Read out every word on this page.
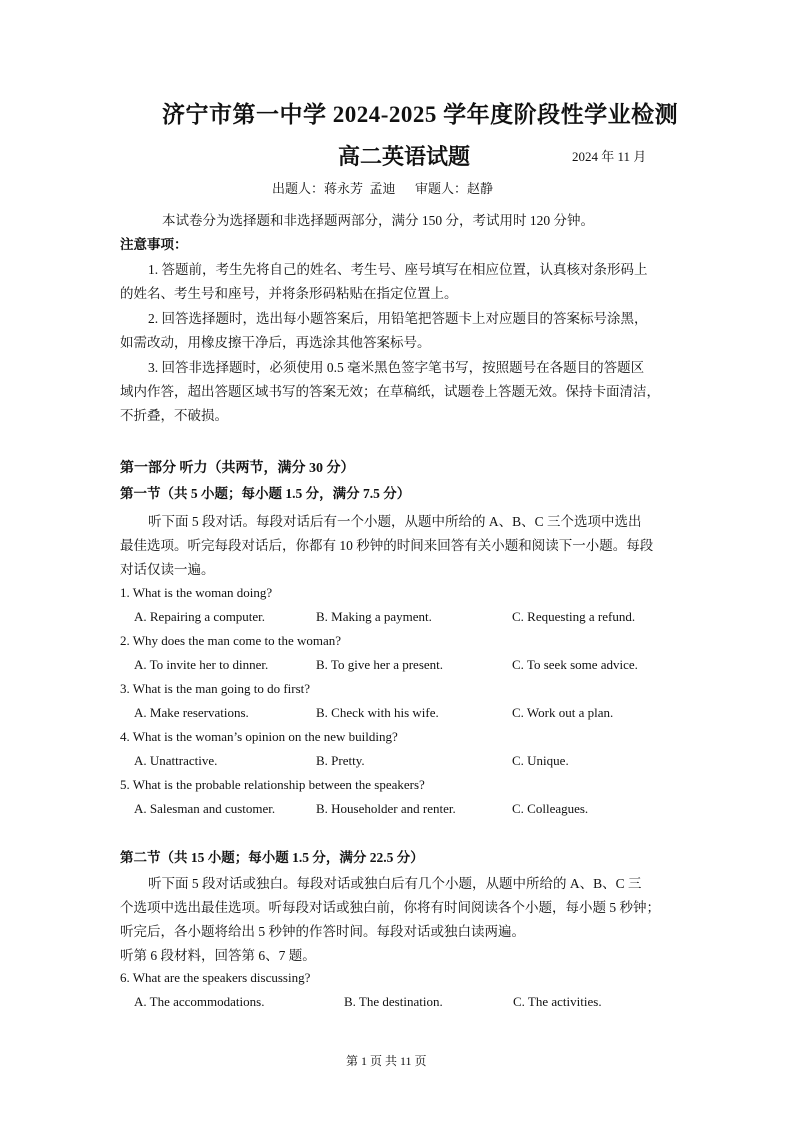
济宁市第一中学 2024-2025 学年度阶段性学业检测
高二英语试题	2024 年 11 月
出题人：蒋永芳  孟迪      审题人：赵静
本试卷分为选择题和非选择题两部分，满分 150 分，考试用时 120 分钟。
注意事项：
1. 答题前，考生先将自己的姓名、考生号、座号填写在相应位置，认真核对条形码上
的姓名、考生号和座号，并将条形码粘贴在指定位置上。
2. 回答选择题时，选出每小题答案后，用铅笔把答题卡上对应题目的答案标号涂黑，
如需改动，用橡皮擦干净后，再选涂其他答案标号。
3. 回答非选择题时，必须使用 0.5 毫米黑色签字笔书写，按照题号在各题目的答题区
域内作答，超出答题区域书写的答案无效；在草稿纸，试题卷上答题无效。保持卡面清洁，
不折叠，不破损。
第一部分 听力（共两节，满分 30 分）
第一节（共 5 小题；每小题 1.5 分，满分 7.5 分）
听下面 5 段对话。每段对话后有一个小题，从题中所给的 A、B、C 三个选项中选出
最佳选项。听完每段对话后，你都有 10 秒钟的时间来回答有关小题和阅读下一小题。每段
对话仅读一遍。
1. What is the woman doing?
A. Repairing a computer.	B. Making a payment.	C. Requesting a refund.
2. Why does the man come to the woman?
A. To invite her to dinner.	B. To give her a present.	C. To seek some advice.
3. What is the man going to do first?
A. Make reservations.	B. Check with his wife.	C. Work out a plan.
4. What is the woman’s opinion on the new building?
A. Unattractive.	B. Pretty.	C. Unique.
5. What is the probable relationship between the speakers?
A. Salesman and customer.	B. Householder and renter.	C. Colleagues.
第二节（共 15 小题；每小题 1.5 分，满分 22.5 分）
听下面 5 段对话或独白。每段对话或独白后有几个小题，从题中所给的 A、B、C 三
个选项中选出最佳选项。听每段对话或独白前，你将有时间阅读各个小题，每小题 5 秒钟；
听完后，各小题将给出 5 秒钟的作答时间。每段对话或独白读两遍。
听第 6 段材料，回答第 6、7 题。
6. What are the speakers discussing?
A. The accommodations.	B. The destination.	C. The activities.
第 1 页 共 11 页
